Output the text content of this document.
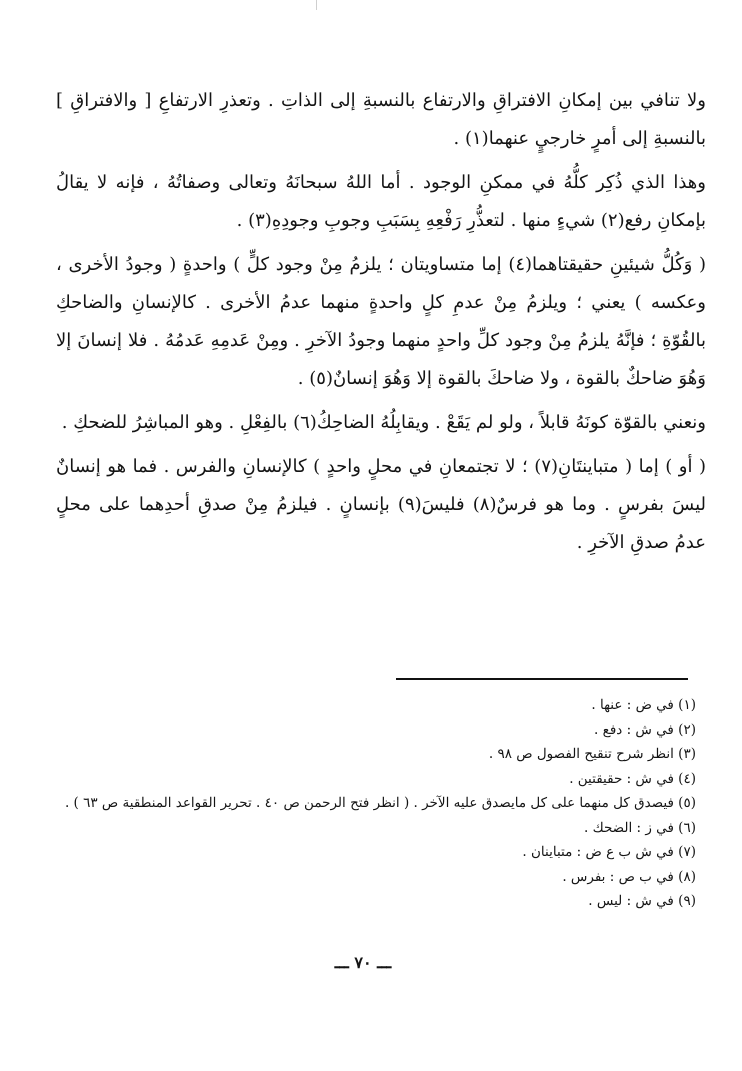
ولا تنافي بين إمكانِ الافتراقِ والارتفاع بالنسبةِ إلى الذاتِ . وتعذرِ الارتفاعِ [ والافتراقِ ] بالنسبةِ إلى أمرٍ خارجيٍ عنهما(١) .

وهذا الذي ذُكِر كلُّهُ في ممكنِ الوجود . أما اللهُ سبحانَهُ وتعالى وصفاتُهُ ، فإنه لا يقالُ بإمكانِ رفع(٢) شيءٍ منها . لتعذُّرِ رَفْعِهِ بِسَبَبِ وجوبِ وجودِهِ(٣) .

( وَكُلُّ شيئينِ حقيقتاهما(٤) إما متساويتان ؛ يلزمُ مِنْ وجود كلٍّ ) واحدةٍ ( وجودُ الأخرى ، وعكسه ) يعني ؛ ويلزمُ مِنْ عدمِ كلٍ واحدةٍ منهما عدمُ الأخرى . كالإنسانِ والضاحكِ بالقُوّةِ ؛ فإنَّهُ يلزمُ مِنْ وجود كلِّ واحدٍ منهما وجودُ الآخرِ . ومِنْ عَدمِهِ عَدمُهُ . فلا إنسانَ إلا وَهُوَ ضاحكٌ بالقوة ، ولا ضاحكَ بالقوة إلا وَهُوَ إنسانٌ(٥) .

ونعني بالقوّة كونَهُ قابلاً ، ولو لم يَقَعْ . ويقابِلُهُ الضاحِكُ(٦) بالفِعْلِ . وهو المباشِرُ للضحكِ .

( أو ) إما ( متباينتَانِ(٧) ؛ لا تجتمعانِ في محلٍ واحدٍ ) كالإنسانِ والفرس . فما هو إنسانٌ ليسَ بفرسٍ . وما هو فرسٌ(٨) فليسَ(٩) بإنسانٍ . فيلزمُ مِنْ صدقِ أحدِهما على محلٍ عدمُ صدقِ الآخرِ .

(١) في ض : عنها .

(٢) في ش : دفع .

(٣) انظر شرح تنقيح الفصول ص ٩٨ .

(٤) في ش : حقيقتين .

(٥) فيصدق كل منهما على كل مايصدق عليه الآخر . ( انظر فتح الرحمن ص ٤٠ . تحرير القواعد المنطقية ص ٦٣ ) .

(٦) في ز : الضحك .

(٧) في ش ب ع ض : متباينان .

(٨) في ب ص : بفرس .

(٩) في ش : ليس .

ـــ ٧٠ ـــ
